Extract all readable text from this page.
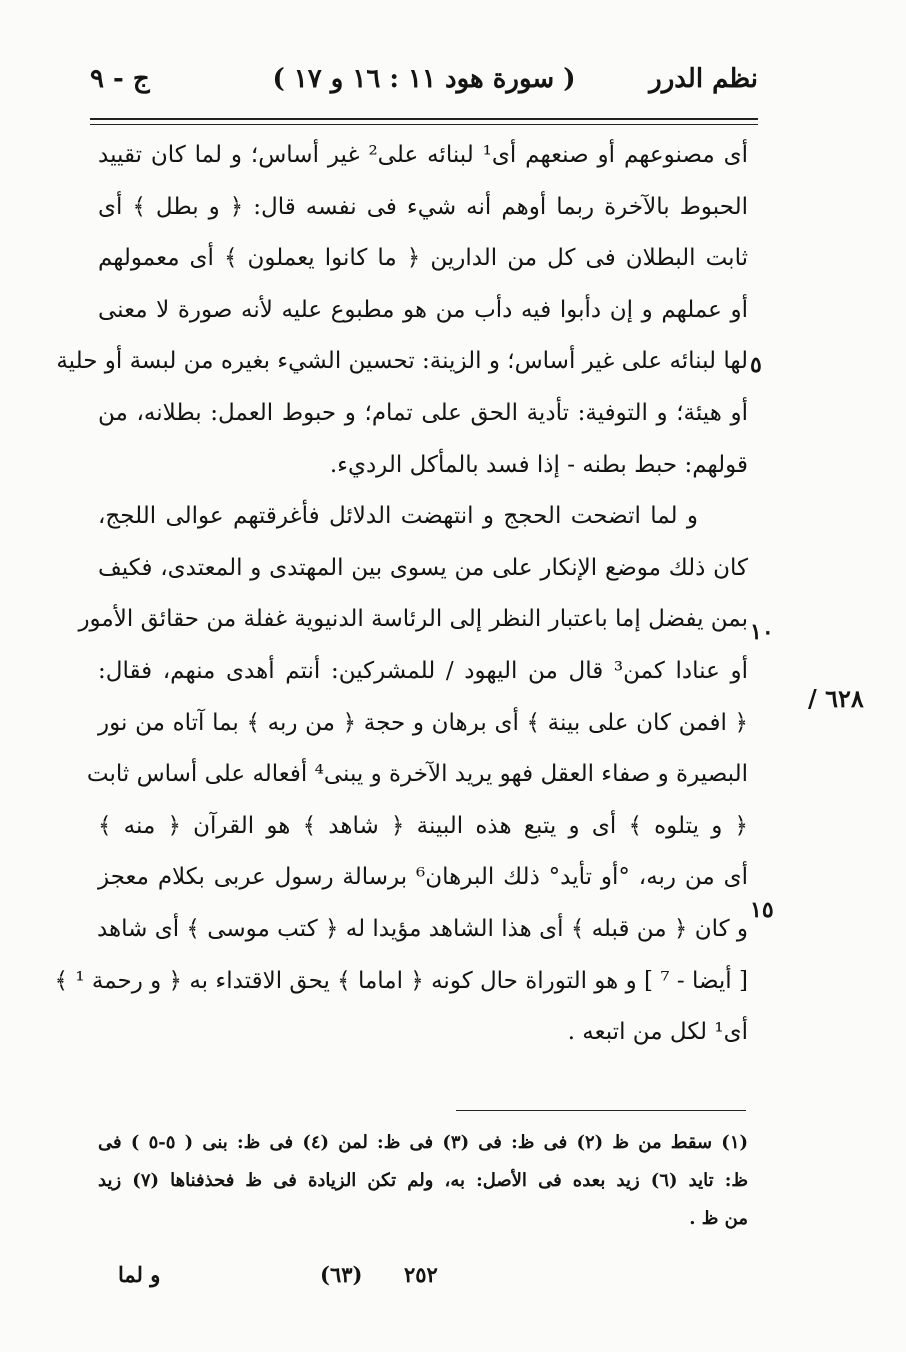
نظم الدرر
( سورة هود ١١ : ١٦ و ١٧ )
ج - ٩
أى مصنوعهم أو صنعهم أى¹ لبنائه على² غير أساس؛ و لما كان تقييد
الحبوط بالآخرة ربما أوهم أنه شيء فى نفسه قال: ﴿ و بطل ﴾ أى
ثابت البطلان فى كل من الدارين ﴿ ما كانوا يعملون ﴾ أى معمولهم
أو عملهم و إن دأبوا فيه دأب من هو مطبوع عليه لأنه صورة لا معنى
لها لبنائه على غير أساس؛ و الزينة: تحسين الشيء بغيره من لبسة أو حلية
أو هيئة؛ و التوفية: تأدية الحق على تمام؛ و حبوط العمل: بطلانه، من
قولهم: حبط بطنه - إذا فسد بالمأكل الرديء.
و لما اتضحت الحجج و انتهضت الدلائل فأغرقتهم عوالى اللجج،
كان ذلك موضع الإنكار على من يسوى بين المهتدى و المعتدى، فكيف
بمن يفضل إما باعتبار النظر إلى الرئاسة الدنيوية غفلة من حقائق الأمور
أو عنادا كمن³ قال من اليهود / للمشركين: أنتم أهدى منهم، فقال:
﴿ افمن كان على بينة ﴾ أى برهان و حجة ﴿ من ربه ﴾ بما آتاه من نور
البصيرة و صفاء العقل فهو يريد الآخرة و يبنى⁴ أفعاله على أساس ثابت
﴿ و يتلوه ﴾ أى و يتبع هذه البينة ﴿ شاهد ﴾ هو القرآن ﴿ منه ﴾
أى من ربه، °أو تأيد° ذلك البرهان⁶ برسالة رسول عربى بكلام معجز
و كان ﴿ من قبله ﴾ أى هذا الشاهد مؤيدا له ﴿ كتب موسى ﴾ أى شاهد
[ أيضا - ⁷ ] و هو التوراة حال كونه ﴿ اماما ﴾ يحق الاقتداء به ﴿ و رحمة ¹ ﴾
أى¹ لكل من اتبعه .
٥
١٠
١٥
٦٢٨ /
(١) سقط من ظ (٢) فى ظ: فى (٣) فى ظ: لمن (٤) فى ظ: بنى ( ٥-٥ ) فى
ظ: تايد (٦) زيد بعده فى الأصل: به، ولم تكن الزيادة فى ظ فحذفناها (٧) زيد
من ظ .
و لما	(٦٣) ٢٥٢
